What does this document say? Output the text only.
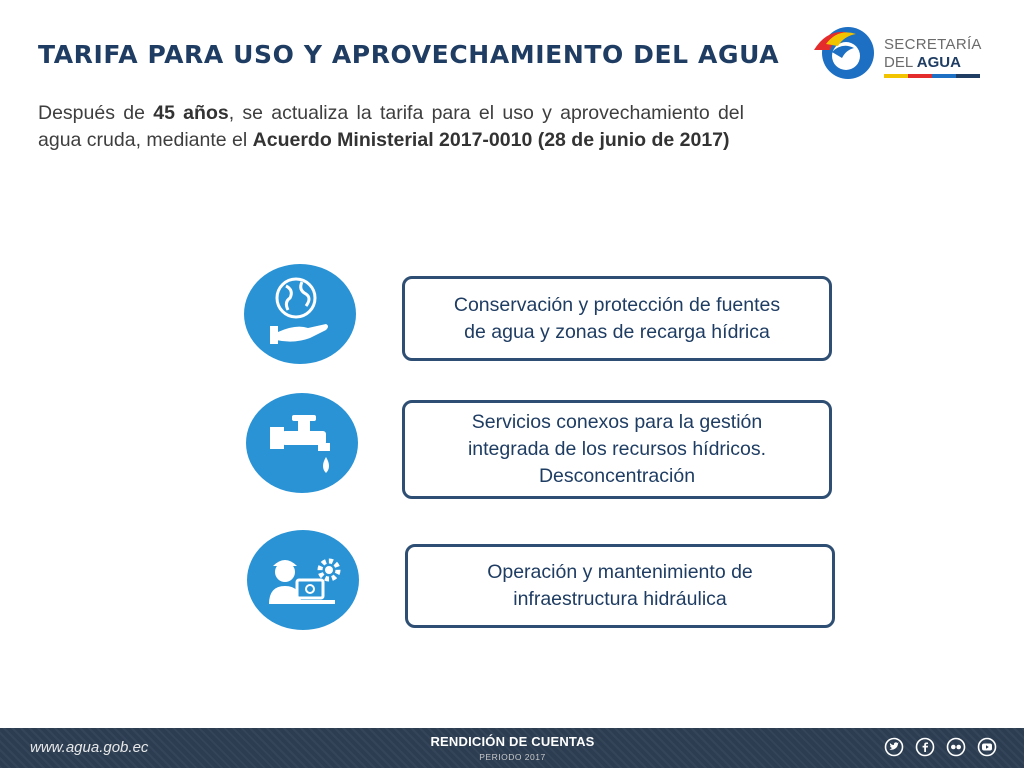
TARIFA PARA USO Y APROVECHAMIENTO DEL AGUA	SECRETARÍA
DEL AGUA
Después de 45 años, se actualiza la tarifa para el uso y aprovechamiento del agua cruda, mediante el Acuerdo Ministerial 2017-0010 (28 de junio de 2017)
Conservación y protección de fuentes
de agua y zonas de recarga hídrica
Servicios conexos para la gestión
integrada de los recursos hídricos.
Desconcentración
Operación y mantenimiento de
infraestructura hidráulica
www.agua.gob.ec	RENDICIÓN DE CUENTAS
PERIODO 2017
